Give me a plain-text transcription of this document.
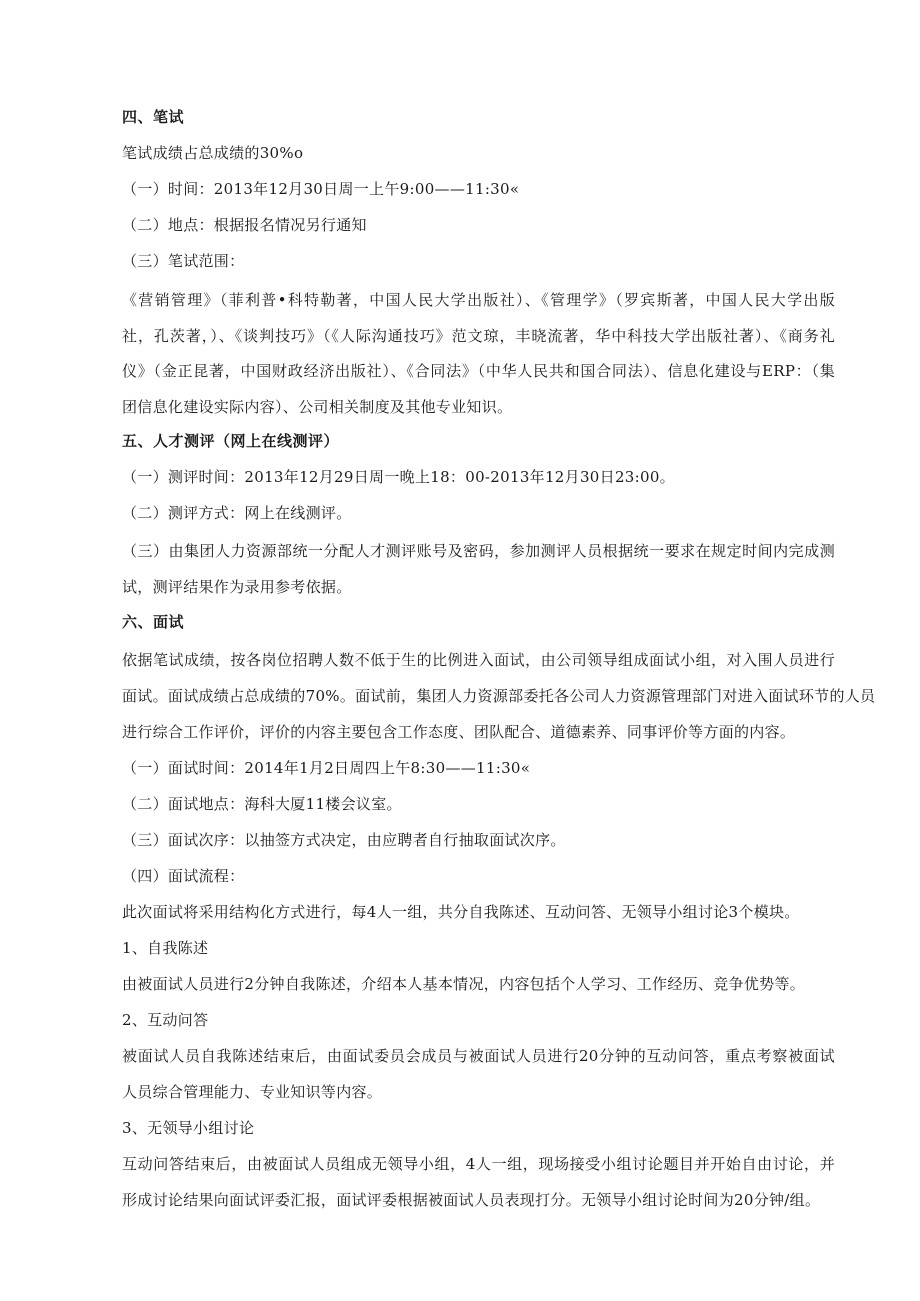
四、笔试
笔试成绩占总成绩的30%o
（一）时间：2013年12月30日周一上午9:00——11:30«
（二）地点：根据报名情况另行通知
（三）笔试范围：
《营销管理》（菲利普•科特勒著，中国人民大学出版社）、《管理学》（罗宾斯著，中国人民大学出版
社，孔茨著，）、《谈判技巧》（《人际沟通技巧》范文琼，丰晓流著，华中科技大学出版社著）、《商务礼
仪》（金正昆著，中国财政经济出版社）、《合同法》（中华人民共和国合同法）、信息化建设与ERP：（集
团信息化建设实际内容）、公司相关制度及其他专业知识。
五、人才测评（网上在线测评）
（一）测评时间：2013年12月29日周一晚上18：00-2013年12月30日23:00。
（二）测评方式：网上在线测评。
（三）由集团人力资源部统一分配人才测评账号及密码，参加测评人员根据统一要求在规定时间内完成测
试，测评结果作为录用参考依据。
六、面试
依据笔试成绩，按各岗位招聘人数不低于生的比例进入面试，由公司领导组成面试小组，对入围人员进行
面试。面试成绩占总成绩的70%。面试前，集团人力资源部委托各公司人力资源管理部门对进入面试环节的人员
进行综合工作评价，评价的内容主要包含工作态度、团队配合、道德素养、同事评价等方面的内容。
（一）面试时间：2014年1月2日周四上午8:30——11:30«
（二）面试地点：海科大厦11楼会议室。
（三）面试次序：以抽签方式决定，由应聘者自行抽取面试次序。
（四）面试流程：
此次面试将采用结构化方式进行，每4人一组，共分自我陈述、互动问答、无领导小组讨论3个模块。
1、自我陈述
由被面试人员进行2分钟自我陈述，介绍本人基本情况，内容包括个人学习、工作经历、竞争优势等。
2、互动问答
被面试人员自我陈述结束后，由面试委员会成员与被面试人员进行20分钟的互动问答，重点考察被面试
人员综合管理能力、专业知识等内容。
3、无领导小组讨论
互动问答结束后，由被面试人员组成无领导小组，4人一组，现场接受小组讨论题目并开始自由讨论，并
形成讨论结果向面试评委汇报，面试评委根据被面试人员表现打分。无领导小组讨论时间为20分钟/组。
